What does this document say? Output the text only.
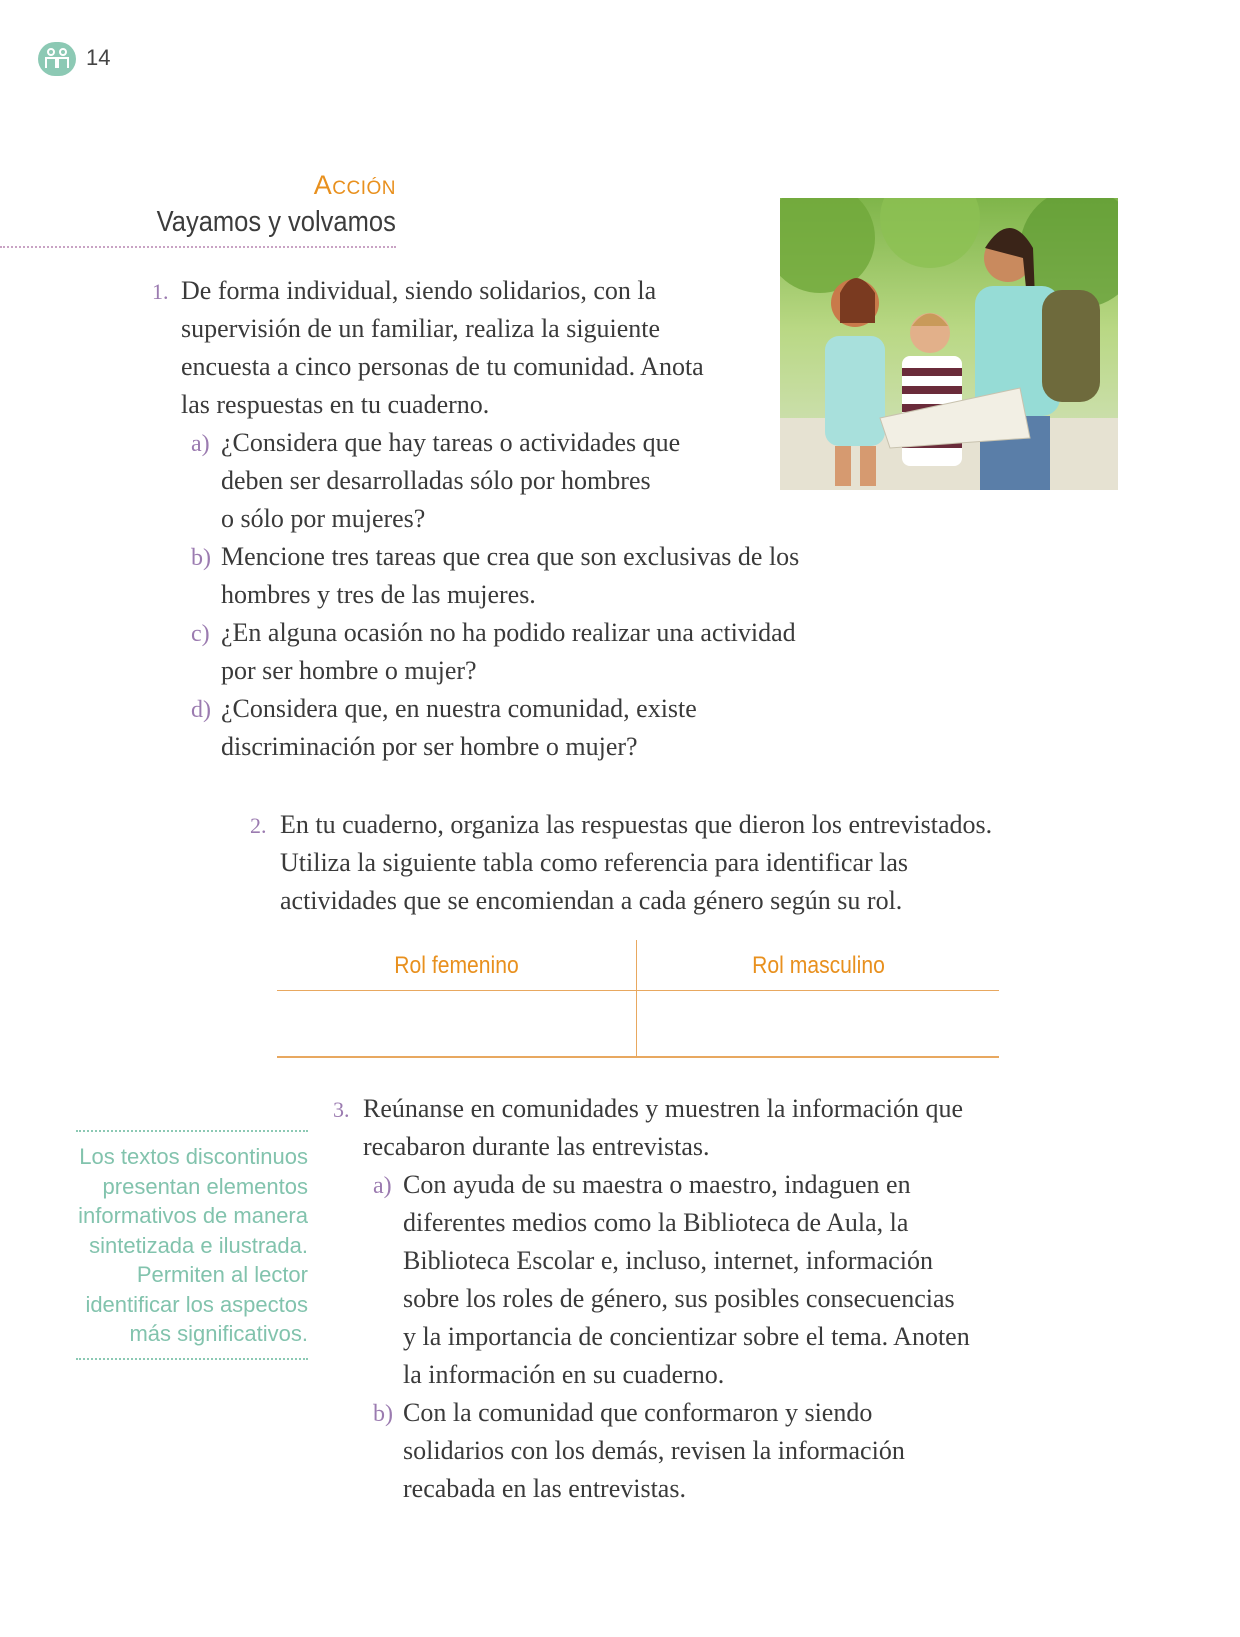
14
Acción
Vayamos y volvamos
1. De forma individual, siendo solidarios, con la
supervisión de un familiar, realiza la siguiente
encuesta a cinco personas de tu comunidad. Anota
las respuestas en tu cuaderno.
a) ¿Considera que hay tareas o actividades que
deben ser desarrolladas sólo por hombres
o sólo por mujeres?
b) Mencione tres tareas que crea que son exclusivas de los
hombres y tres de las mujeres.
c) ¿En alguna ocasión no ha podido realizar una actividad
por ser hombre o mujer?
d) ¿Considera que, en nuestra comunidad, existe
discriminación por ser hombre o mujer?
2. En tu cuaderno, organiza las respuestas que dieron los entrevistados.
Utiliza la siguiente tabla como referencia para identificar las
actividades que se encomiendan a cada género según su rol.
Rol femenino	Rol masculino
Los textos discontinuos
presentan elementos
informativos de manera
sintetizada e ilustrada.
Permiten al lector
identificar los aspectos
más significativos.
3. Reúnanse en comunidades y muestren la información que
recabaron durante las entrevistas.
a) Con ayuda de su maestra o maestro, indaguen en
diferentes medios como la Biblioteca de Aula, la
Biblioteca Escolar e, incluso, internet, información
sobre los roles de género, sus posibles consecuencias
y la importancia de concientizar sobre el tema. Anoten
la información en su cuaderno.
b) Con la comunidad que conformaron y siendo
solidarios con los demás, revisen la información
recabada en las entrevistas.
